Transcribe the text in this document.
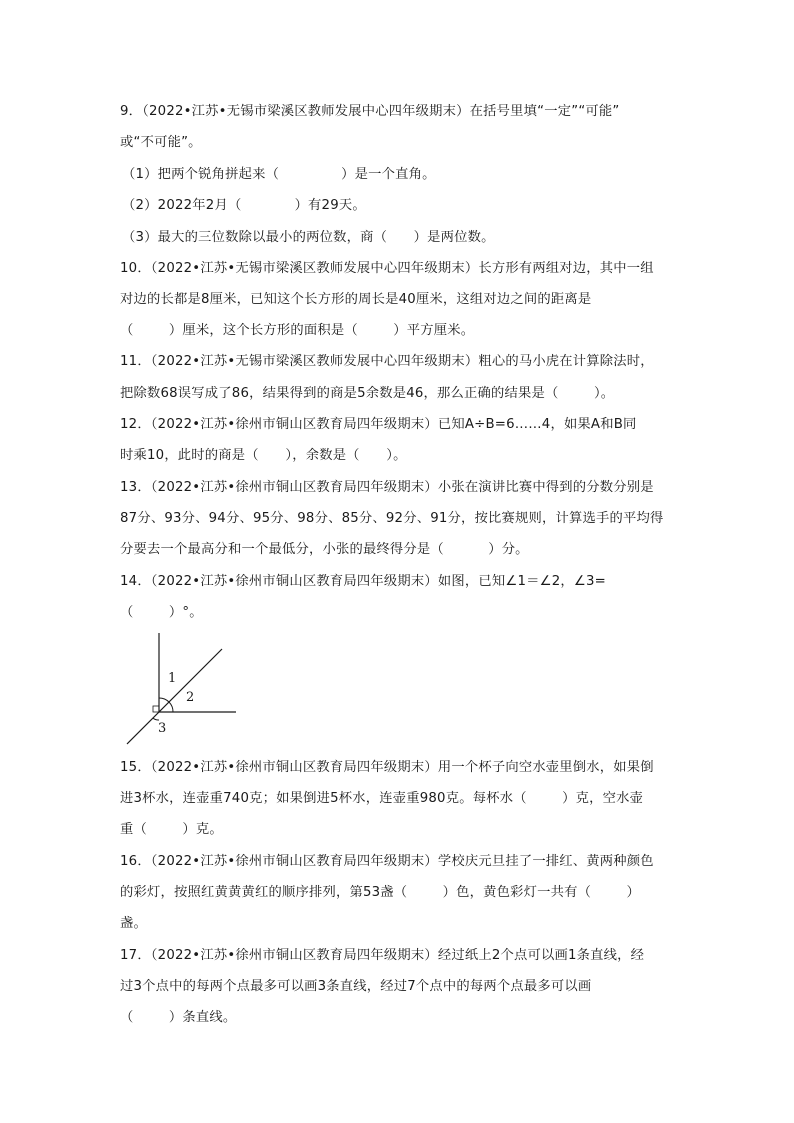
9．（2022•江苏•无锡市梁溪区教师发展中心四年级期末）在括号里填“一定”“可能”
或“不可能”。
（1）把两个锐角拼起来（              ）是一个直角。
（2）2022年2月（            ）有29天。
（3）最大的三位数除以最小的两位数，商（      ）是两位数。
10．（2022•江苏•无锡市梁溪区教师发展中心四年级期末）长方形有两组对边，其中一组
对边的长都是8厘米，已知这个长方形的周长是40厘米，这组对边之间的距离是
（        ）厘米，这个长方形的面积是（        ）平方厘米。
11．（2022•江苏•无锡市梁溪区教师发展中心四年级期末）粗心的马小虎在计算除法时，
把除数68误写成了86，结果得到的商是5余数是46，那么正确的结果是（        ）。
12．（2022•江苏•徐州市铜山区教育局四年级期末）已知A÷B=6……4，如果A和B同
时乘10，此时的商是（      ），余数是（      ）。
13．（2022•江苏•徐州市铜山区教育局四年级期末）小张在演讲比赛中得到的分数分别是
87分、93分、94分、95分、98分、85分、92分、91分，按比赛规则，计算选手的平均得
分要去一个最高分和一个最低分，小张的最终得分是（          ）分。
14．（2022•江苏•徐州市铜山区教育局四年级期末）如图，已知∠1＝∠2，∠3=
（        ）°。
1
2
3
15．（2022•江苏•徐州市铜山区教育局四年级期末）用一个杯子向空水壶里倒水，如果倒
进3杯水，连壶重740克；如果倒进5杯水，连壶重980克。每杯水（        ）克，空水壶
重（        ）克。
16．（2022•江苏•徐州市铜山区教育局四年级期末）学校庆元旦挂了一排红、黄两种颜色
的彩灯，按照红黄黄黄红的顺序排列，第53盏（        ）色，黄色彩灯一共有（        ）
盏。
17．（2022•江苏•徐州市铜山区教育局四年级期末）经过纸上2个点可以画1条直线，经
过3个点中的每两个点最多可以画3条直线，经过7个点中的每两个点最多可以画
（        ）条直线。
